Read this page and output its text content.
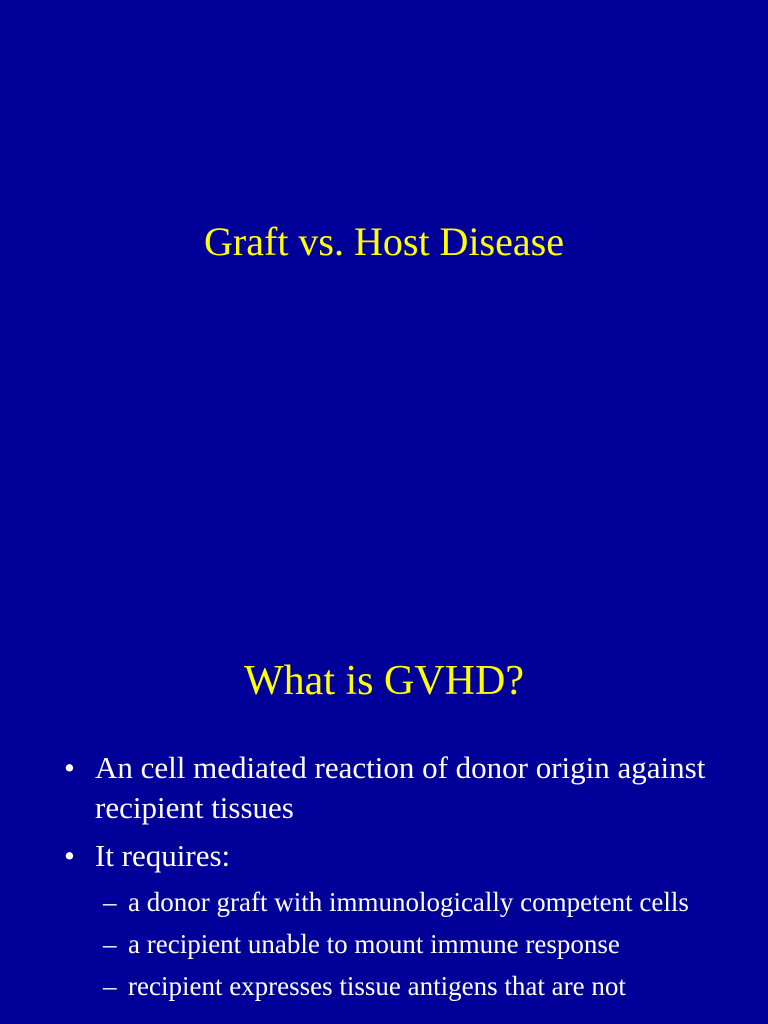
Graft vs. Host Disease
What is GVHD?
• An cell mediated reaction of donor origin against recipient tissues
• It requires:
– a donor graft with immunologically competent cells
– a recipient unable to mount immune response
– recipient expresses tissue antigens that are not
